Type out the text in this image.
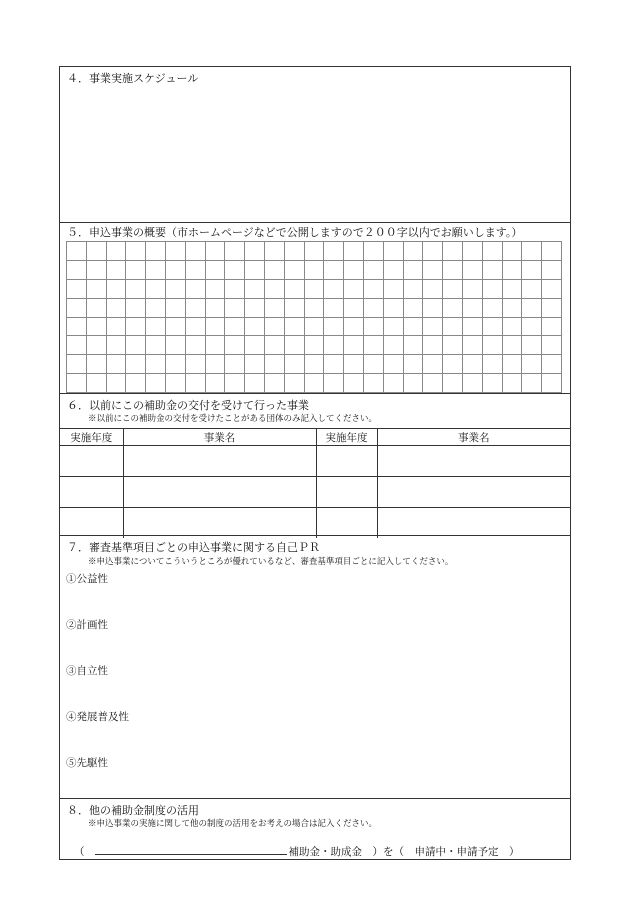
４．事業実施スケジュール
５．申込事業の概要（市ホームページなどで公開しますので２００字以内でお願いします。）

６．以前にこの補助金の交付を受けて行った事業
※以前にこの補助金の交付を受けたことがある団体のみ記入してください。
実施年度	事業名	実施年度	事業名

７．審査基準項目ごとの申込事業に関する自己ＰＲ
※申込事業についてこういうところが優れているなど、審査基準項目ごとに記入してください。
①公益性
②計画性
③自立性
④発展普及性
⑤先駆性
８．他の補助金制度の活用
※申込事業の実施に関して他の制度の活用をお考えの場合は記入ください。
（	補助金・助成金　）を（　申請中・申請予定　）
